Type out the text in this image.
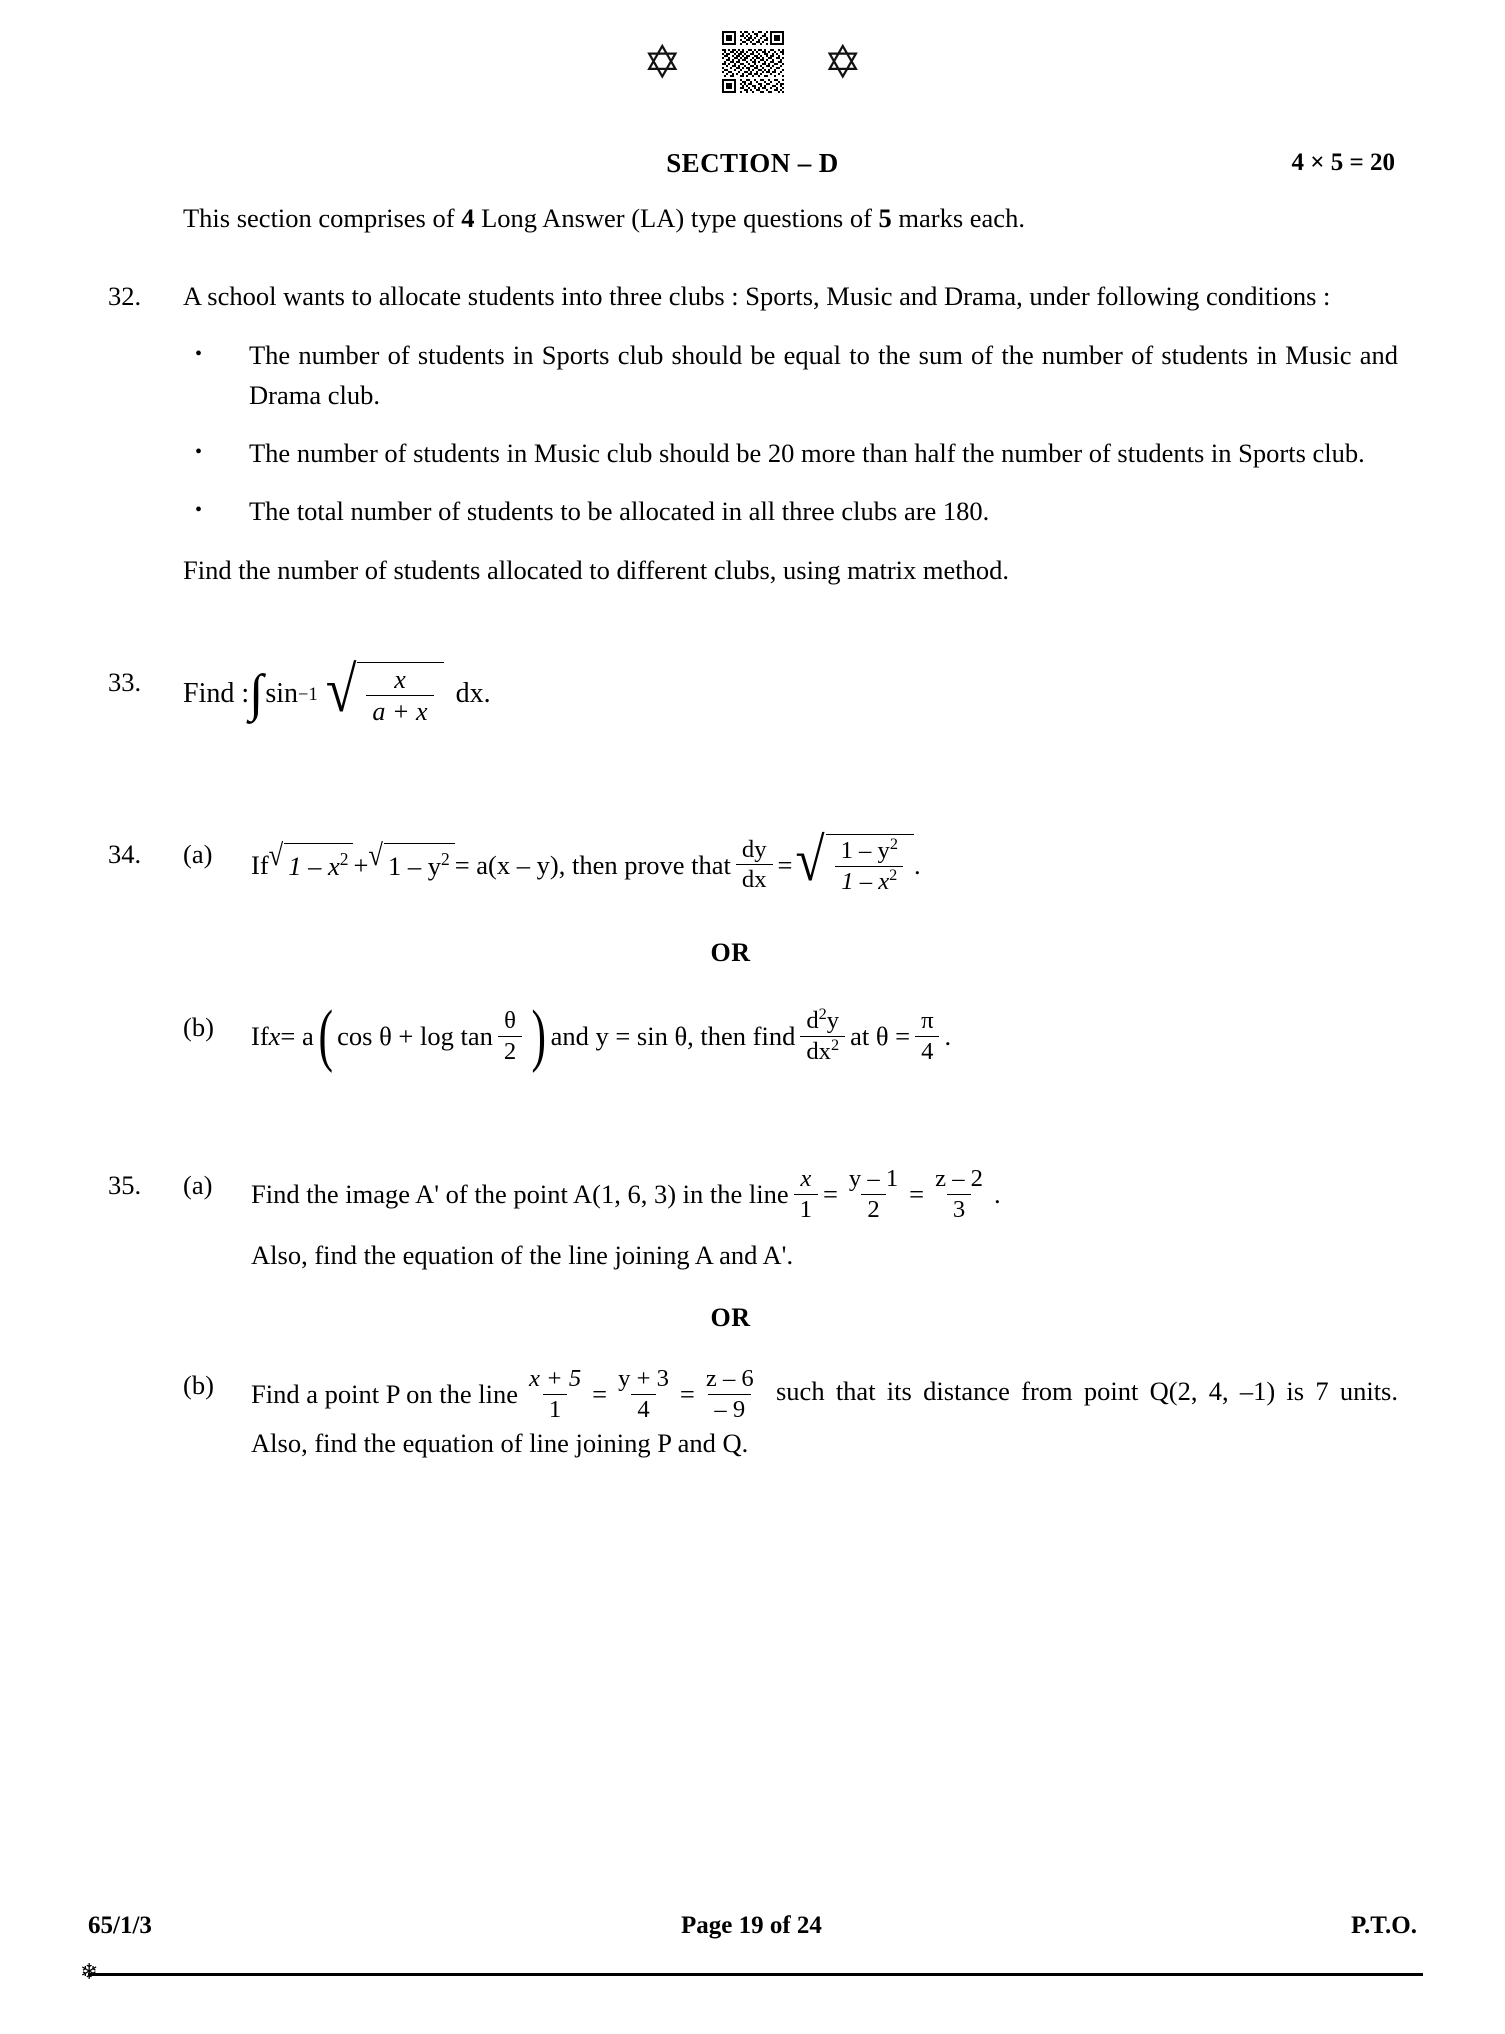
✡	✡
SECTION – D	4 × 5 = 20

This section comprises of 4 Long Answer (LA) type questions of 5 marks each.

32.	A school wants to allocate students into three clubs : Sports, Music and Drama, under following conditions :
•	The number of students in Sports club should be equal to the sum of the number of students in Music and Drama club.
•	The number of students in Music club should be 20 more than half the number of students in Sports club.
•	The total number of students to be allocated in all three clubs are 180.
Find the number of students allocated to different clubs, using matrix method.
33.	Find : ∫ sin −1 √ $\frac{x}{a + x}$ dx.
34.	(a)	If √ $1 - x^2$ + √ $1 - y^2 = a(x - y)$, then prove that $\frac{dy}{dx}$ = √ $\frac{1 - y^2}{1 - x^2}$ .
OR
(b)	If x = a ( $\cos \theta + \log \tan \frac{\theta}{2}$ ) and y = sin θ, then find $\frac{d^2y}{dx^2}$ at $\theta = \frac{\pi}{4}$ .
35.	(a)	Find the image A' of the point A(1, 6, 3) in the line $\frac{x}{1} = \frac{y - 1}{2} = \frac{z - 2}{3}$ .
Also, find the equation of the line joining A and A'.
OR
(b)	Find a point P on the line $\frac{x + 5}{1} = \frac{y + 3}{4} = \frac{z - 6}{- 9}$ such that its distance from point Q(2, 4, –1) is 7 units. Also, find the equation of line joining P and Q.
65/1/3	Page 19 of 24	P.T.O.
❄
